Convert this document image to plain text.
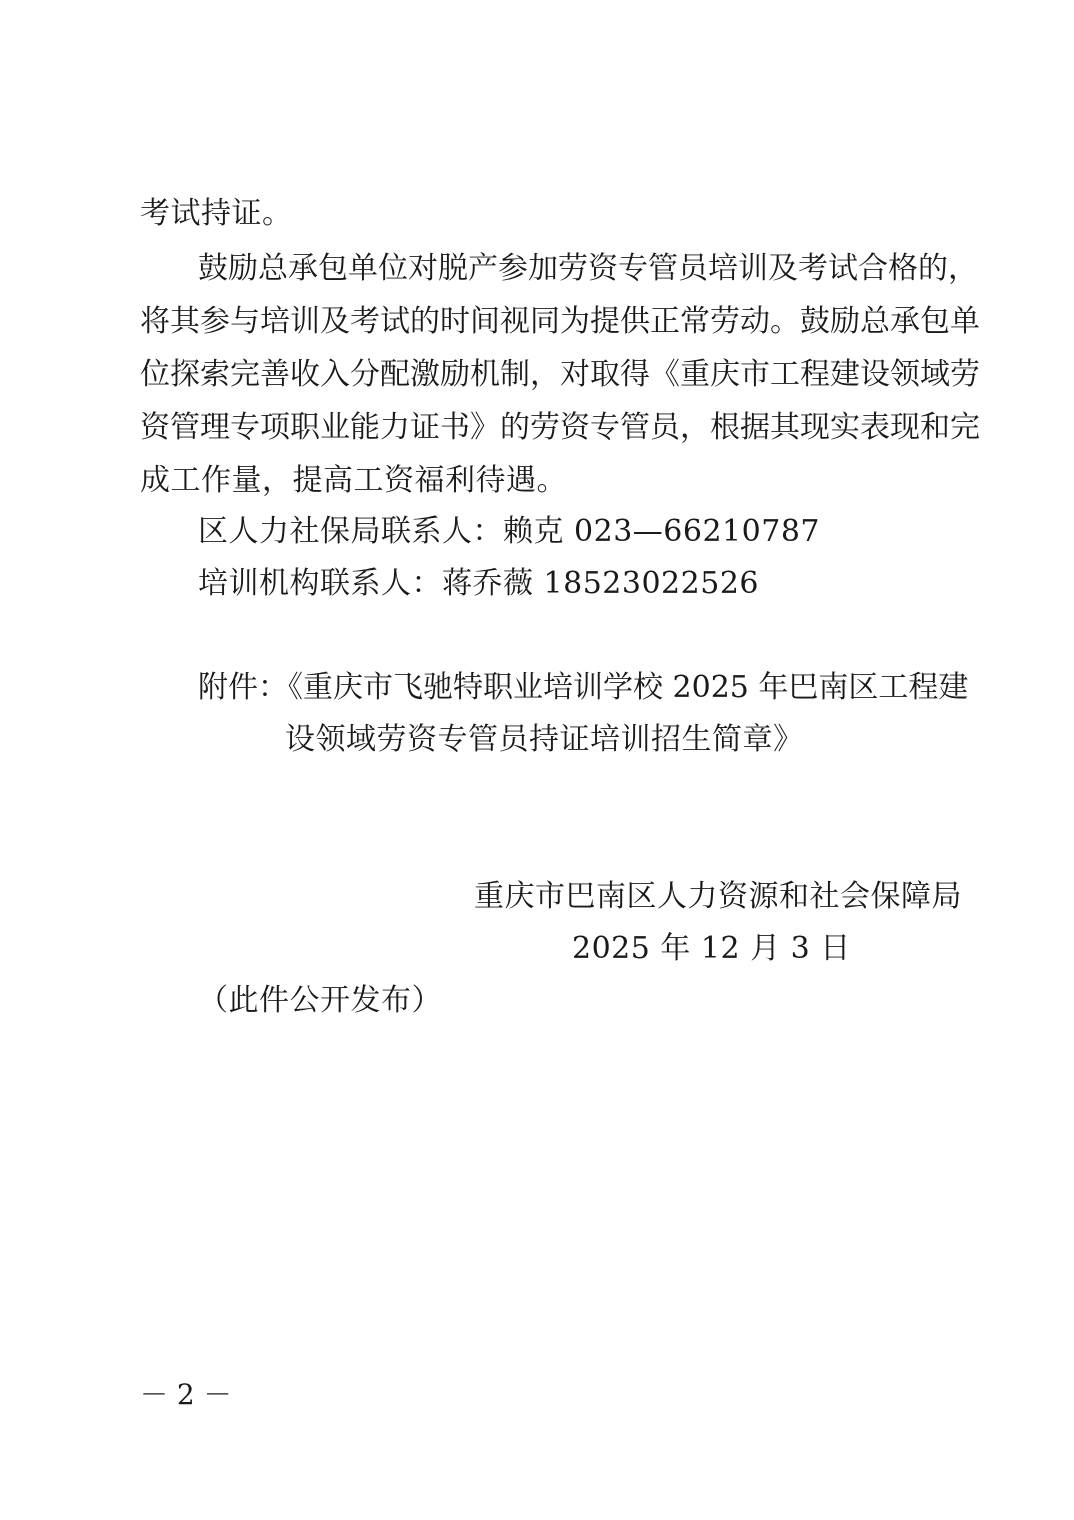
考试持证。
鼓励总承包单位对脱产参加劳资专管员培训及考试合格的，
将其参与培训及考试的时间视同为提供正常劳动。鼓励总承包单
位探索完善收入分配激励机制，对取得《重庆市工程建设领域劳
资管理专项职业能力证书》的劳资专管员，根据其现实表现和完
成工作量，提高工资福利待遇。
区人力社保局联系人：赖克 023—66210787
培训机构联系人：蒋乔薇 18523022526
附件：《重庆市飞驰特职业培训学校 2025 年巴南区工程建
设领域劳资专管员持证培训招生简章》
重庆市巴南区人力资源和社会保障局
2025 年 12 月 3 日
（此件公开发布）
－ 2 －
